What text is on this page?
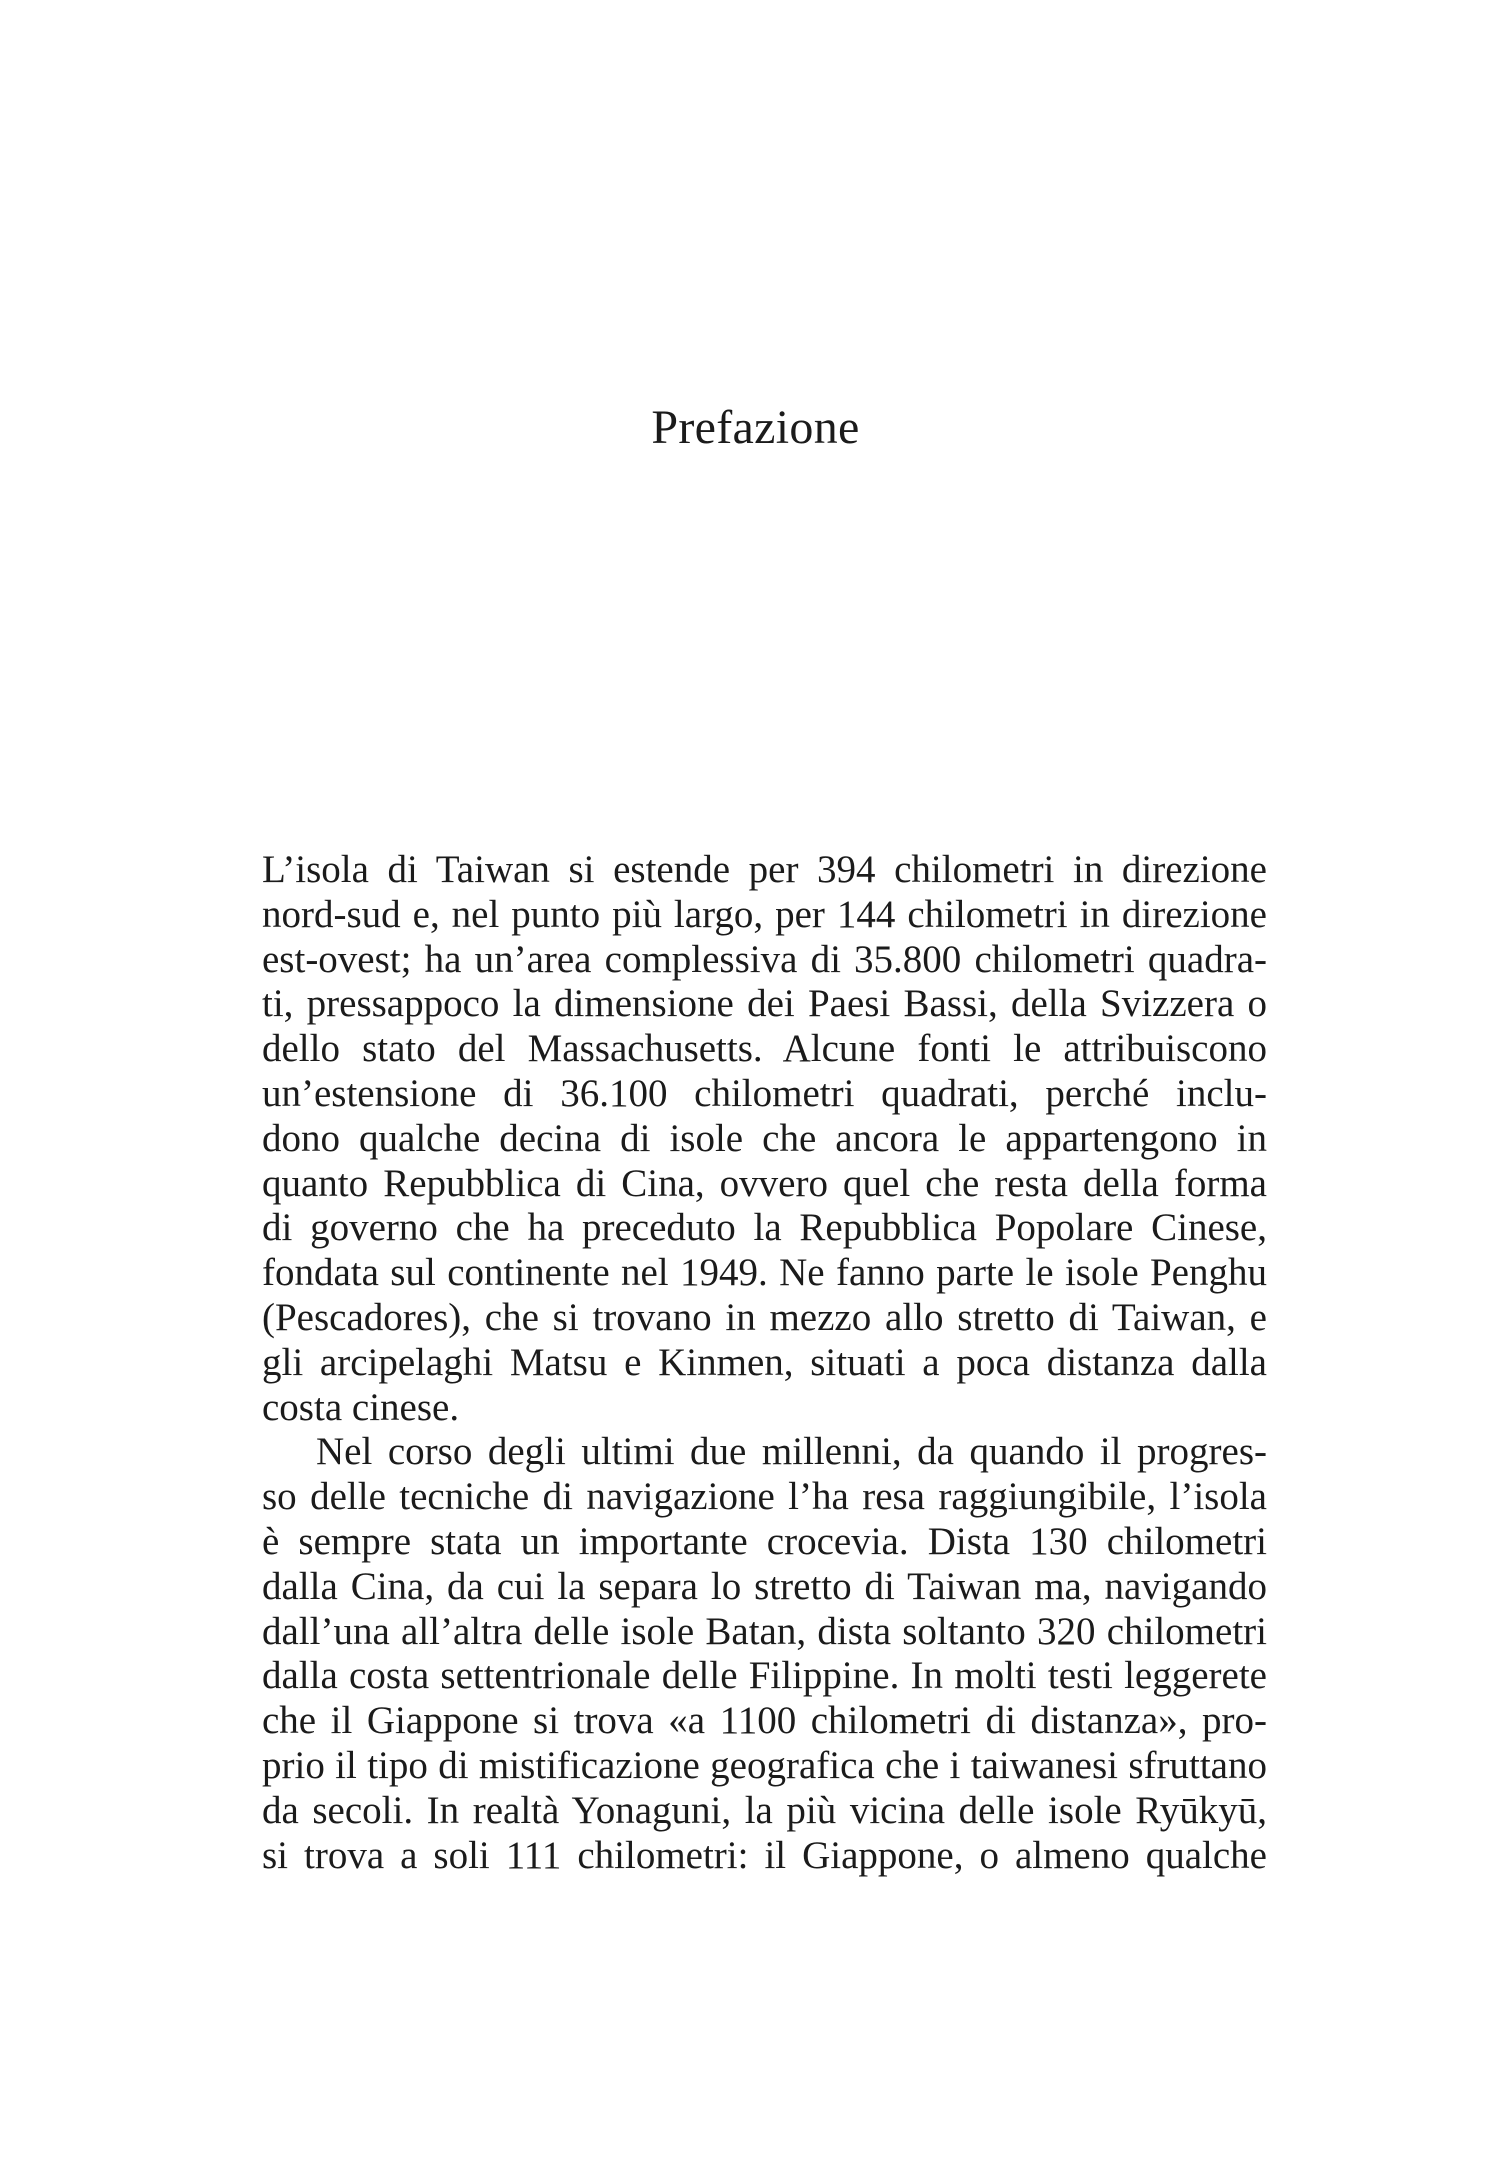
Prefazione
L’isola di Taiwan si estende per 394 chilometri in direzione
nord-sud e, nel punto più largo, per 144 chilometri in direzione
est-ovest; ha un’area complessiva di 35.800 chilometri quadra-
ti, pressappoco la dimensione dei Paesi Bassi, della Svizzera o
dello stato del Massachusetts. Alcune fonti le attribuiscono
un’estensione di 36.100 chilometri quadrati, perché inclu-
dono qualche decina di isole che ancora le appartengono in
quanto Repubblica di Cina, ovvero quel che resta della forma
di governo che ha preceduto la Repubblica Popolare Cinese,
fondata sul continente nel 1949. Ne fanno parte le isole Penghu
(Pescadores), che si trovano in mezzo allo stretto di Taiwan, e
gli arcipelaghi Matsu e Kinmen, situati a poca distanza dalla
costa cinese.
Nel corso degli ultimi due millenni, da quando il progres-
so delle tecniche di navigazione l’ha resa raggiungibile, l’isola
è sempre stata un importante crocevia. Dista 130 chilometri
dalla Cina, da cui la separa lo stretto di Taiwan ma, navigando
dall’una all’altra delle isole Batan, dista soltanto 320 chilometri
dalla costa settentrionale delle Filippine. In molti testi leggerete
che il Giappone si trova «a 1100 chilometri di distanza», pro-
prio il tipo di mistificazione geografica che i taiwanesi sfruttano
da secoli. In realtà Yonaguni, la più vicina delle isole Ryūkyū,
si trova a soli 111 chilometri: il Giappone, o almeno qualche
